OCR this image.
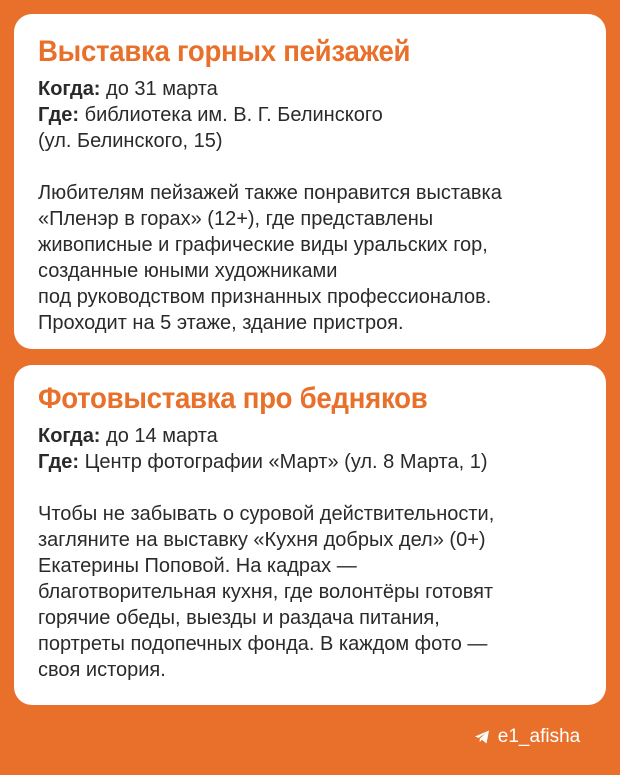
Выставка горных пейзажей
Когда: до 31 марта
Где: библиотека им. В. Г. Белинского
(ул. Белинского, 15)
Любителям пейзажей также понравится выставка
«Пленэр в горах» (12+), где представлены
живописные и графические виды уральских гор,
созданные юными художниками
под руководством признанных профессионалов.
Проходит на 5 этаже, здание пристроя.
Фотовыставка про бедняков
Когда: до 14 марта
Где: Центр фотографии «Март» (ул. 8 Марта, 1)
Чтобы не забывать о суровой действительности,
загляните на выставку «Кухня добрых дел» (0+)
Екатерины Поповой. На кадрах —
благотворительная кухня, где волонтёры готовят
горячие обеды, выезды и раздача питания,
портреты подопечных фонда. В каждом фото —
своя история.
e1_afisha
